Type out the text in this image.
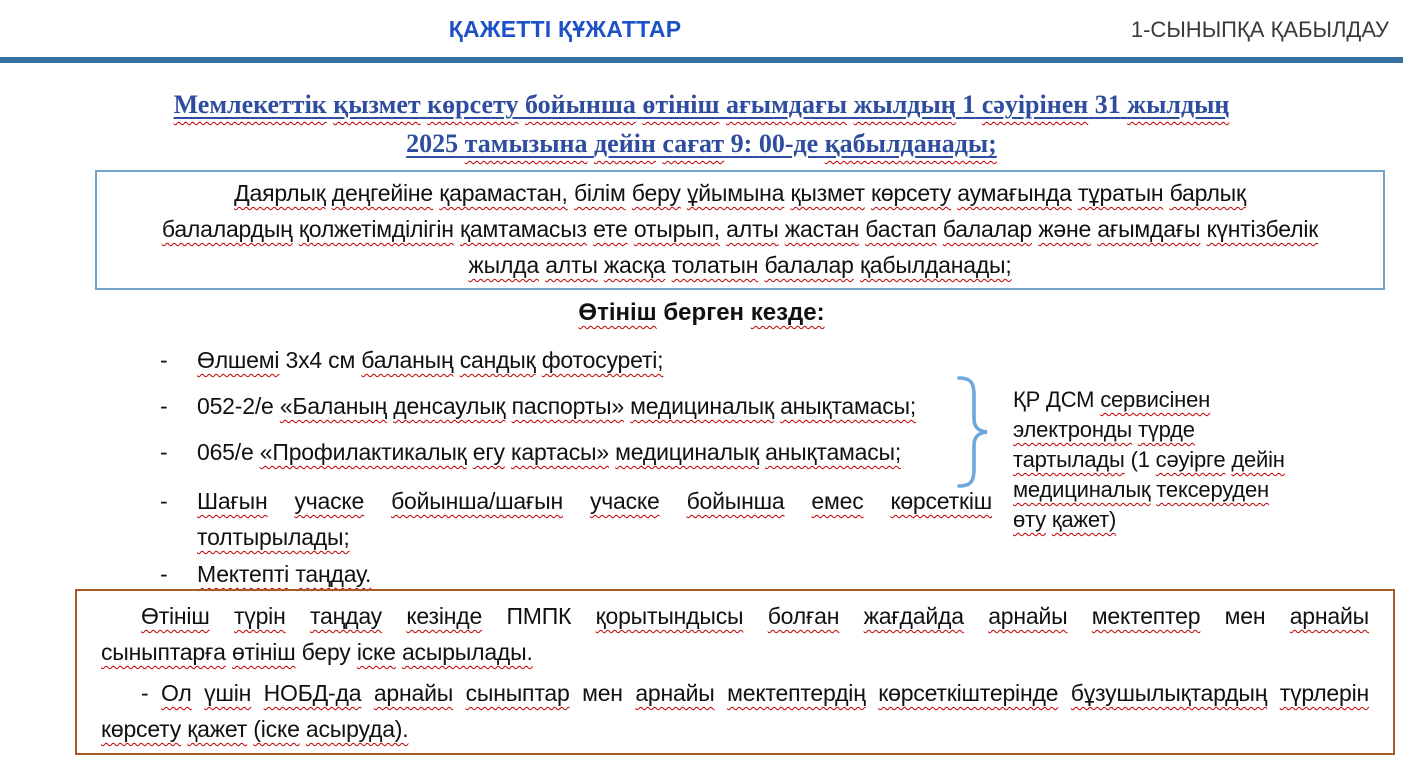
ҚАЖЕТТІ ҚҰЖАТТАР	1-СЫНЫПҚА ҚАБЫЛДАУ
Мемлекеттік қызмет көрсету бойынша өтініш ағымдағы жылдың 1 сәуірінен 31 жылдың
2025 тамызына дейін сағат 9: 00-де қабылданады;
Даярлық деңгейіне қарамастан, білім беру ұйымына қызмет көрсету аумағында тұратын барлық
балалардың қолжетімділігін қамтамасыз ете отырып, алты жастан бастап балалар және ағымдағы күнтізбелік
жылда алты жасқа толатын балалар қабылданады;
Өтініш берген кезде:
-	Өлшемі 3x4 см баланың сандық фотосуреті;
-	052-2/е «Баланың денсаулық паспорты» медициналық анықтамасы;
-	065/е «Профилактикалық егу картасы» медициналық анықтамасы;
-	Шағын учаске бойынша/шағын учаске бойынша емес көрсеткіш
толтырылады;
-	Мектепті таңдау.
ҚР ДСМ сервисінен
электронды түрде
тартылады (1 сәуірге дейін
медициналық тексеруден
өту қажет)
Өтініш түрін таңдау кезінде ПМПК қорытындысы болған жағдайда арнайы мектептер мен арнайы
сыныптарға өтініш беру іске асырылады.
- Ол үшін НОБД-да арнайы сыныптар мен арнайы мектептердің көрсеткіштерінде бұзушылықтардың түрлерін
көрсету қажет (іске асыруда).
